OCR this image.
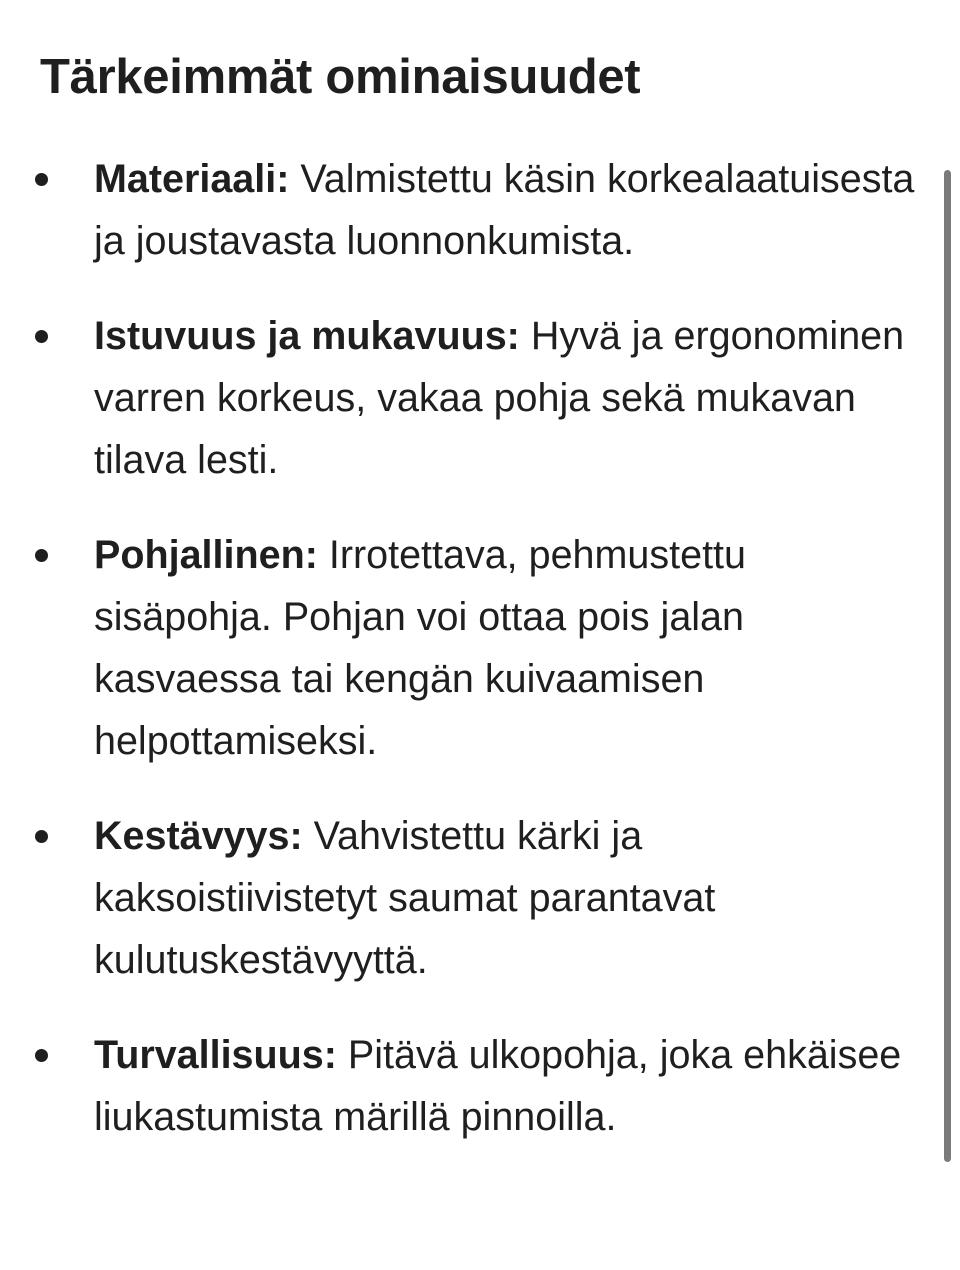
Tärkeimmät ominaisuudet
Materiaali: Valmistettu käsin korkealaatuisesta ja joustavasta luonnonkumista.
Istuvuus ja mukavuus: Hyvä ja ergonominen varren korkeus, vakaa pohja sekä mukavan tilava lesti.
Pohjallinen: Irrotettava, pehmustettu sisäpohja. Pohjan voi ottaa pois jalan kasvaessa tai kengän kuivaamisen helpottamiseksi.
Kestävyys: Vahvistettu kärki ja kaksoistiivistetyt saumat parantavat kulutuskestävyyttä.
Turvallisuus: Pitävä ulkopohja, joka ehkäisee liukastumista märillä pinnoilla.
